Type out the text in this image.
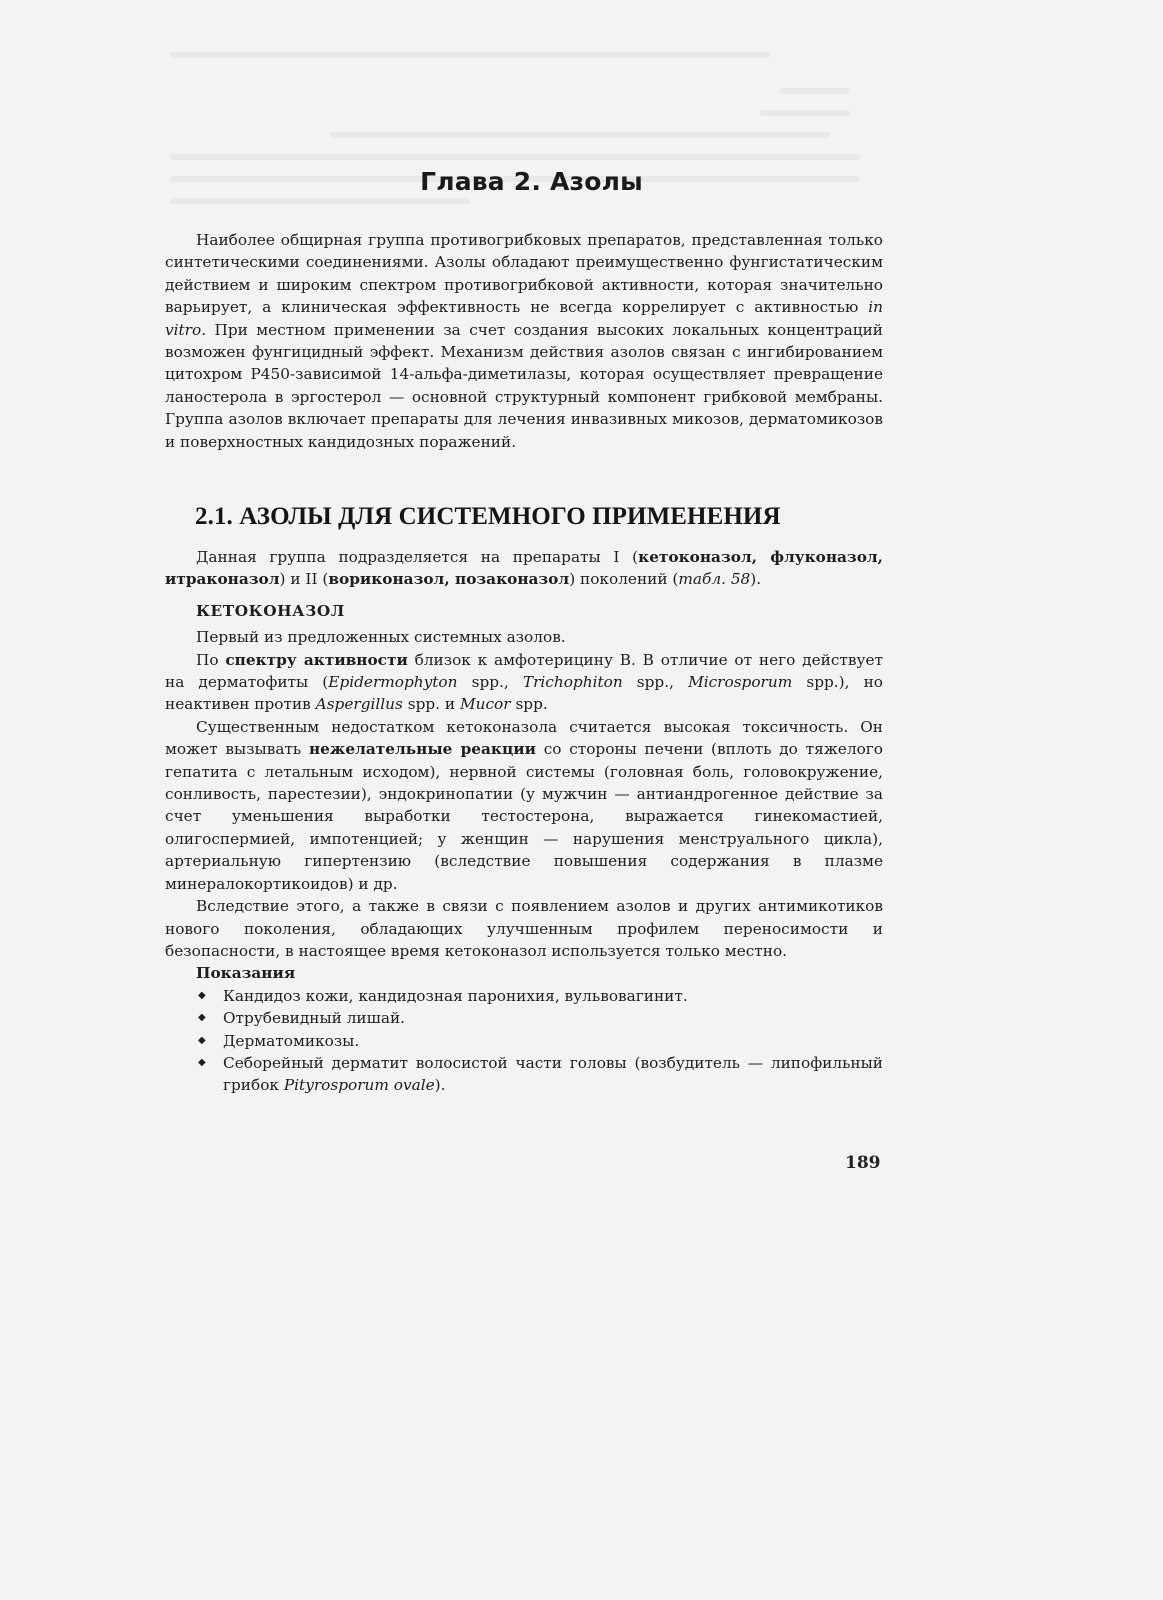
Глава 2. Азолы

Наиболее общирная группа противогрибковых препаратов, представленная только синтетическими соединениями. Азолы обладают преимущественно фунгистатическим действием и широким спектром противогрибковой активности, которая значительно варьирует, а клиническая эффективность не всегда коррелирует с активностью in vitro. При местном применении за счет создания высоких локальных концентраций возможен фунгицидный эффект. Механизм действия азолов связан с ингибированием цитохром Р450-зависимой 14-альфа-диметилазы, которая осуществляет превращение ланостерола в эргостерол — основной структурный компонент грибковой мембраны. Группа азолов включает препараты для лечения инвазивных микозов, дерматомикозов и поверхностных кандидозных поражений.

2.1. АЗОЛЫ ДЛЯ СИСТЕМНОГО ПРИМЕНЕНИЯ

Данная группа подразделяется на препараты I (кетоконазол, флуконазол, итраконазол) и II (вориконазол, позаконазол) поколений (табл. 58).

КЕТОКОНАЗОЛ

Первый из предложенных системных азолов.

По спектру активности близок к амфотерицину В. В отличие от него действует на дерматофиты (Epidermophyton spp., Trichophiton spp., Microsporum spp.), но неактивен против Aspergillus spp. и Mucor spp.

Существенным недостатком кетоконазола считается высокая токсичность. Он может вызывать нежелательные реакции со стороны печени (вплоть до тяжелого гепатита с летальным исходом), нервной системы (головная боль, головокружение, сонливость, парестезии), эндокринопатии (у мужчин — антиандрогенное действие за счет уменьшения выработки тестостерона, выражается гинекомастией, олигоспермией, импотенцией; у женщин — нарушения менструального цикла), артериальную гипертензию (вследствие повышения содержания в плазме минералокортикоидов) и др.

Вследствие этого, а также в связи с появлением азолов и других антимикотиков нового поколения, обладающих улучшенным профилем переносимости и безопасности, в настоящее время кетоконазол используется только местно.

Показания

◆ Кандидоз кожи, кандидозная паронихия, вульвовагинит.
◆ Отрубевидный лишай.
◆ Дерматомикозы.
◆ Себорейный дерматит волосистой части головы (возбудитель — липофильный грибок Pityrosporum ovale).
189
